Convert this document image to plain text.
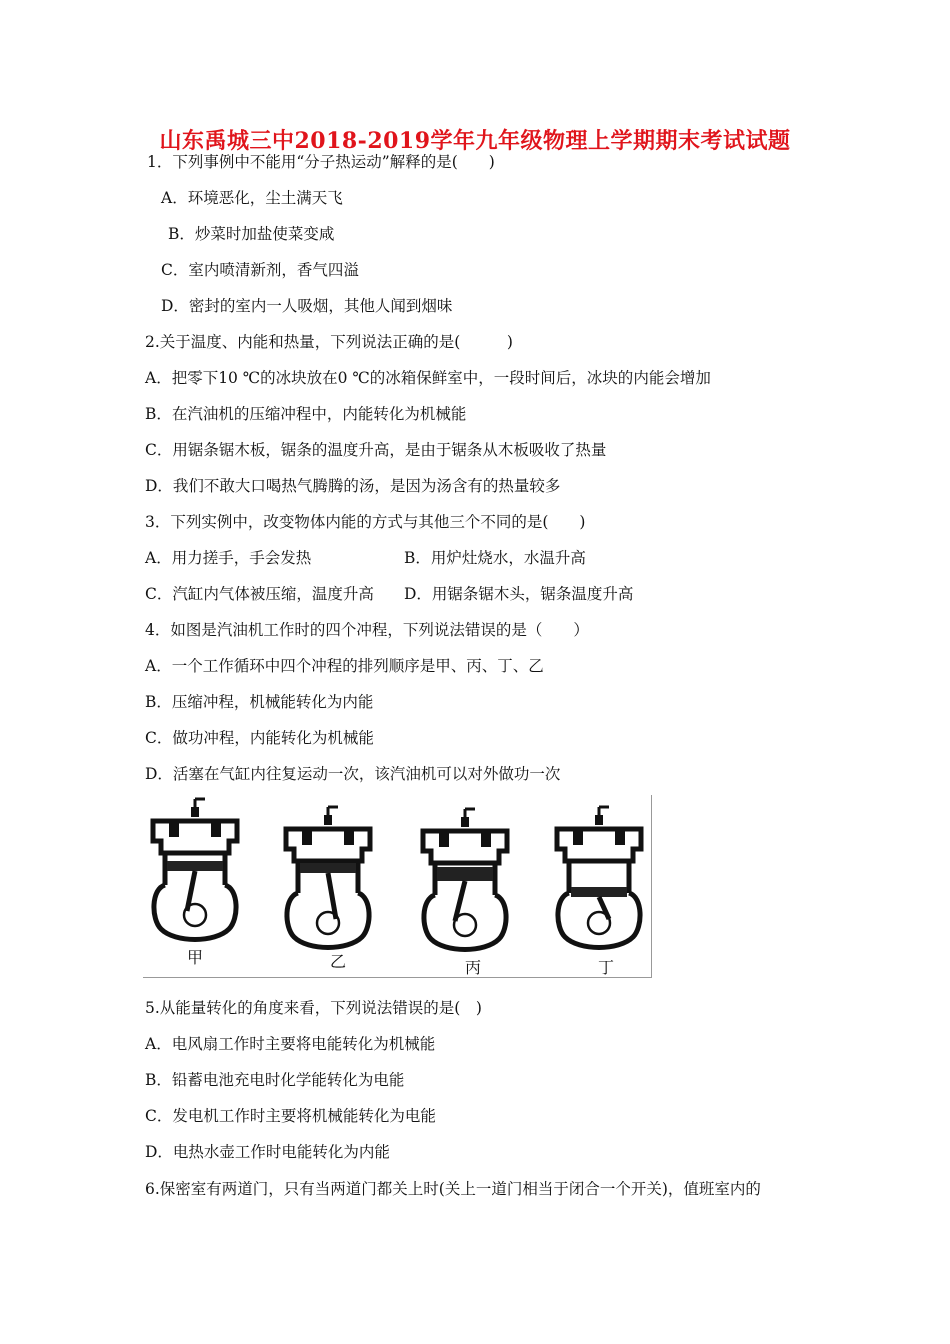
山东禹城三中2018-2019学年九年级物理上学期期末考试试题
1．下列事例中不能用“分子热运动”解释的是(　　)
A．环境恶化，尘土满天飞
B．炒菜时加盐使菜变咸
C．室内喷清新剂，香气四溢
D．密封的室内一人吸烟，其他人闻到烟味
2.关于温度、内能和热量，下列说法正确的是(　　　)
A．把零下10 ℃的冰块放在0 ℃的冰箱保鲜室中，一段时间后，冰块的内能会增加
B．在汽油机的压缩冲程中，内能转化为机械能
C．用锯条锯木板，锯条的温度升高，是由于锯条从木板吸收了热量
D．我们不敢大口喝热气腾腾的汤，是因为汤含有的热量较多
3．下列实例中，改变物体内能的方式与其他三个不同的是(　　)
A．用力搓手，手会发热	B．用炉灶烧水，水温升高
C．汽缸内气体被压缩，温度升高 D．用锯条锯木头，锯条温度升高
4．如图是汽油机工作时的四个冲程，下列说法错误的是（　　）
A．一个工作循环中四个冲程的排列顺序是甲、丙、丁、乙
B．压缩冲程，机械能转化为内能
C．做功冲程，内能转化为机械能
D．活塞在气缸内往复运动一次，该汽油机可以对外做功一次
甲	乙	丙	丁
5.从能量转化的角度来看，下列说法错误的是(　)
A．电风扇工作时主要将电能转化为机械能
B．铅蓄电池充电时化学能转化为电能
C．发电机工作时主要将机械能转化为电能
D．电热水壶工作时电能转化为内能
6.保密室有两道门，只有当两道门都关上时(关上一道门相当于闭合一个开关)，值班室内的
